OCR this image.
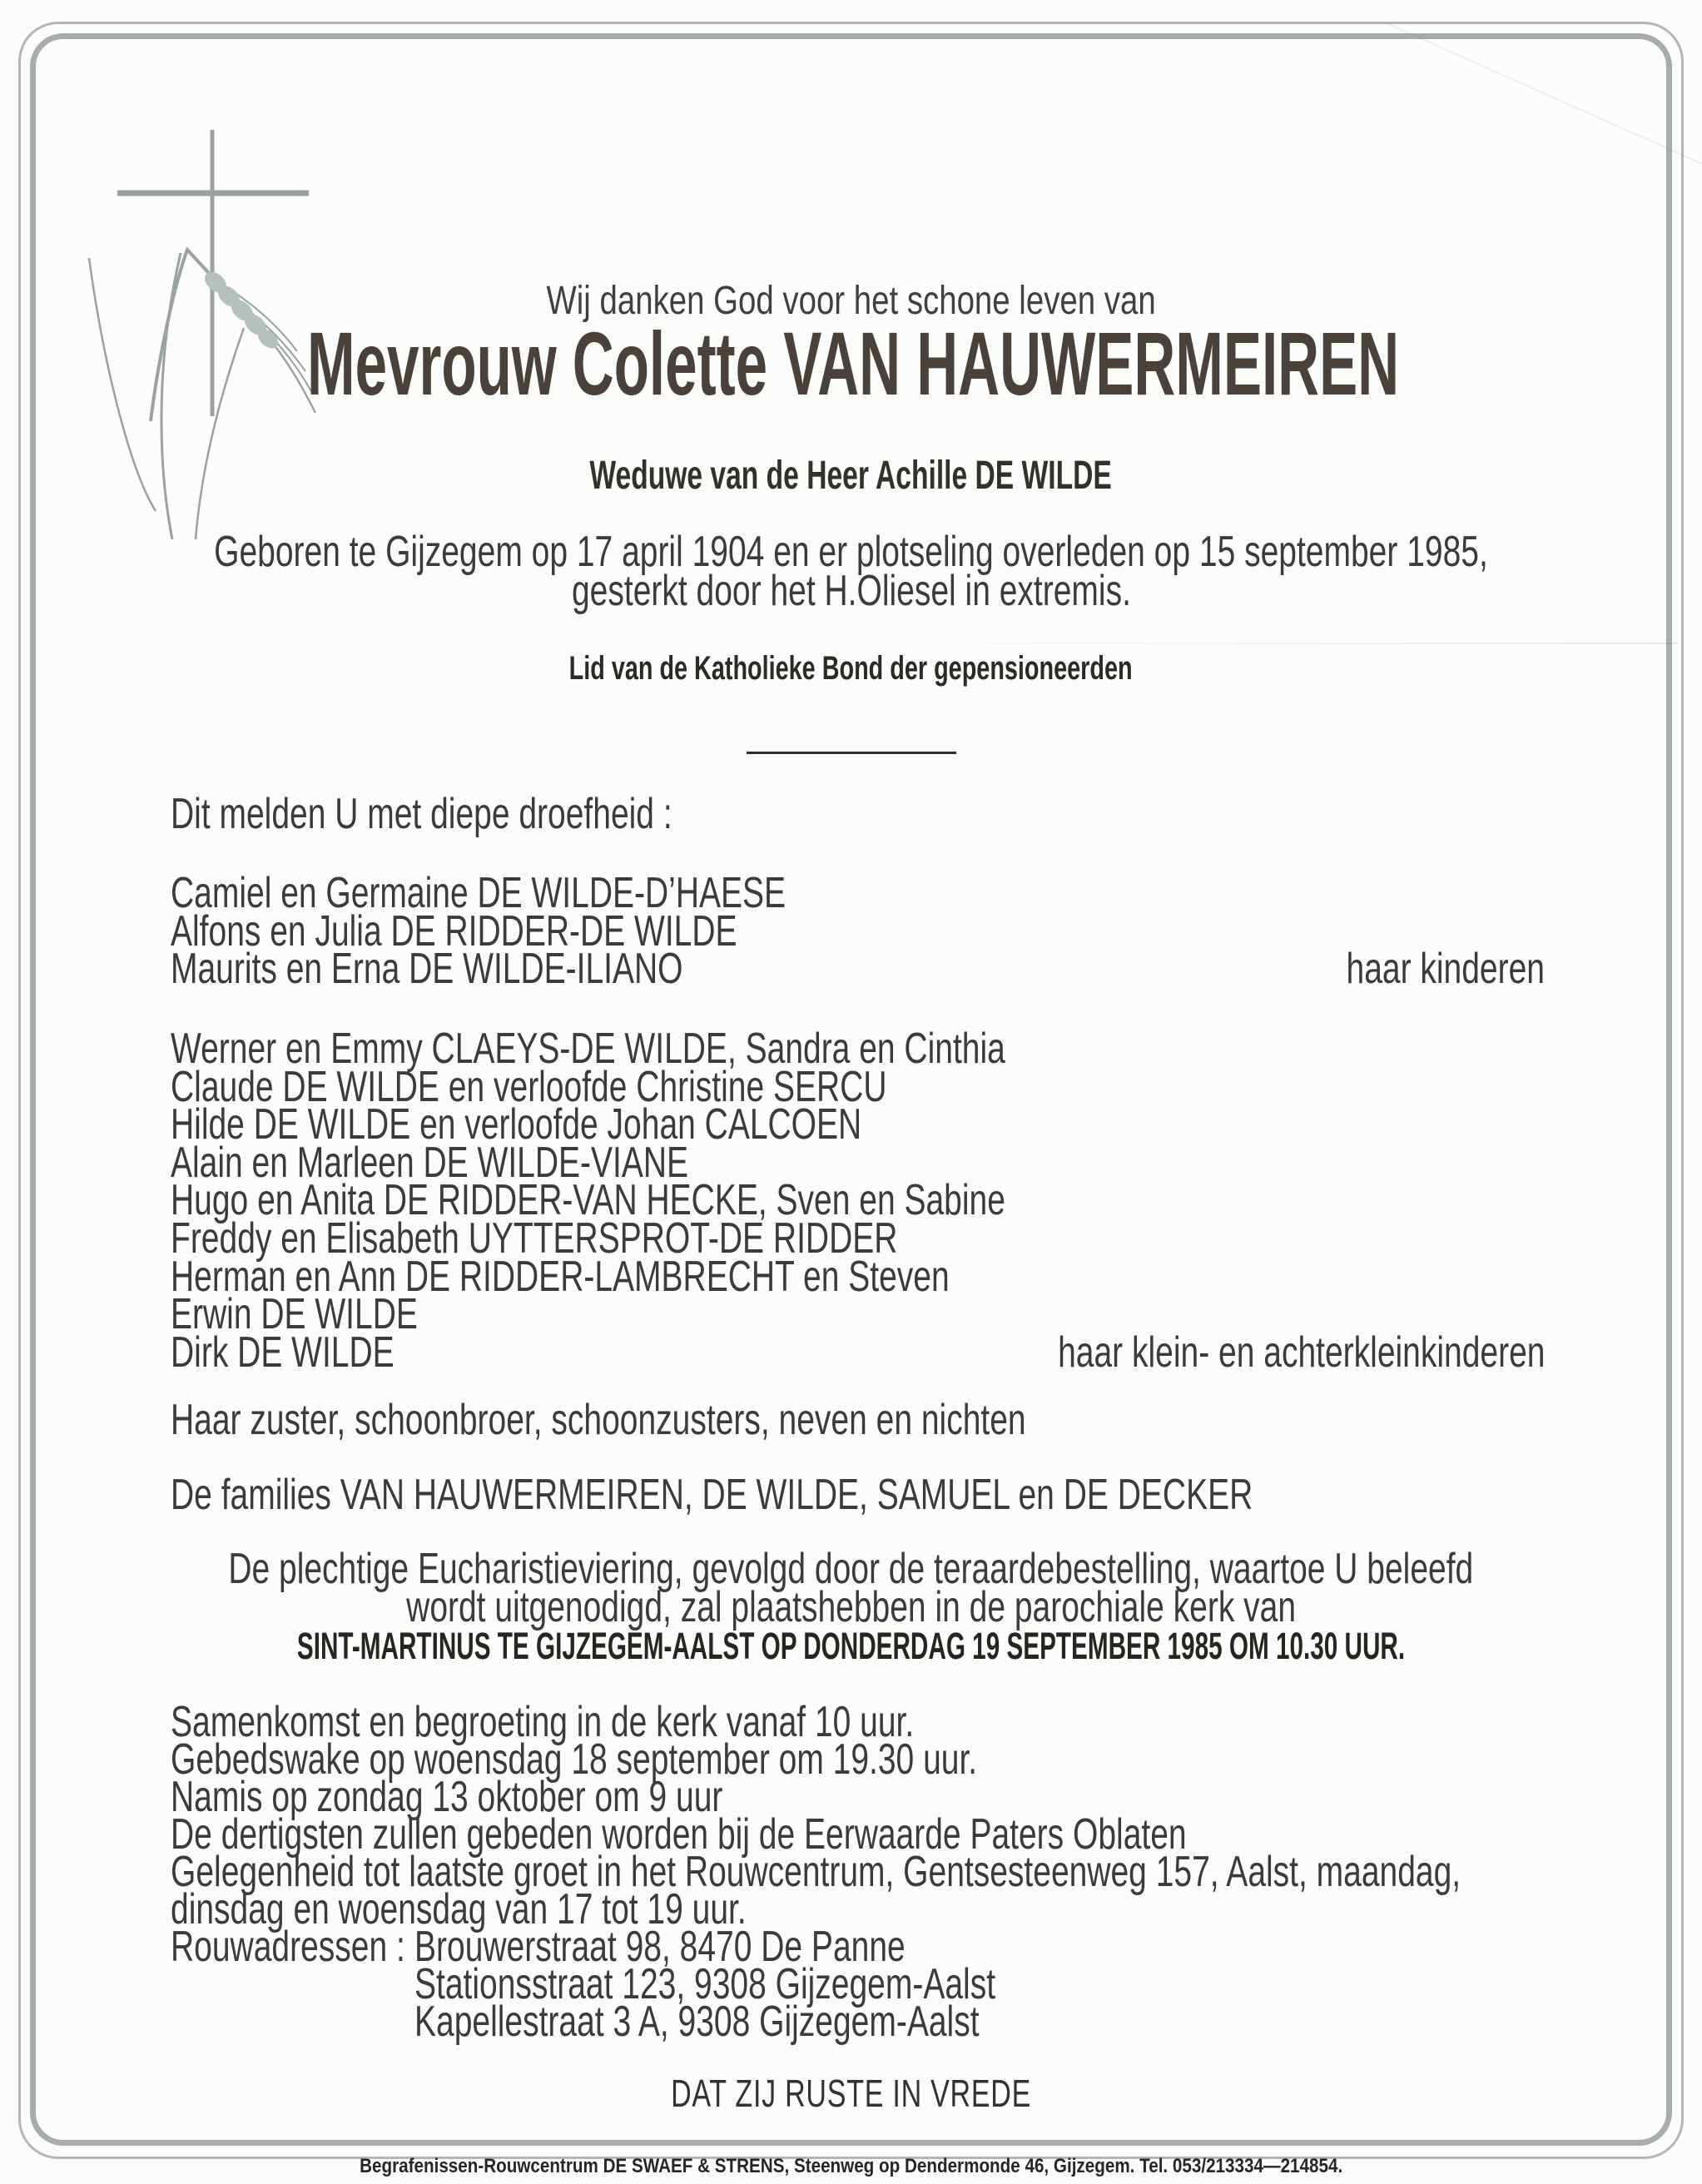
Wij danken God voor het schone leven van
Mevrouw Colette VAN HAUWERMEIREN
Weduwe van de Heer Achille DE WILDE
Geboren te Gijzegem op 17 april 1904 en er plotseling overleden op 15 september 1985,
gesterkt door het H.Oliesel in extremis.
Lid van de Katholieke Bond der gepensioneerden
Dit melden U met diepe droefheid :
Camiel en Germaine DE WILDE-D’HAESE
Alfons en Julia DE RIDDER-DE WILDE
Maurits en Erna DE WILDE-ILIANO	haar kinderen
Werner en Emmy CLAEYS-DE WILDE, Sandra en Cinthia
Claude DE WILDE en verloofde Christine SERCU
Hilde DE WILDE en verloofde Johan CALCOEN
Alain en Marleen DE WILDE-VIANE
Hugo en Anita DE RIDDER-VAN HECKE, Sven en Sabine
Freddy en Elisabeth UYTTERSPROT-DE RIDDER
Herman en Ann DE RIDDER-LAMBRECHT en Steven
Erwin DE WILDE
Dirk DE WILDE	haar klein- en achterkleinkinderen
Haar zuster, schoonbroer, schoonzusters, neven en nichten
De families VAN HAUWERMEIREN, DE WILDE, SAMUEL en DE DECKER
De plechtige Eucharistieviering, gevolgd door de teraardebestelling, waartoe U beleefd
wordt uitgenodigd, zal plaatshebben in de parochiale kerk van
SINT-MARTINUS TE GIJZEGEM-AALST OP DONDERDAG 19 SEPTEMBER 1985 OM 10.30 UUR.
Samenkomst en begroeting in de kerk vanaf 10 uur.
Gebedswake op woensdag 18 september om 19.30 uur.
Namis op zondag 13 oktober om 9 uur
De dertigsten zullen gebeden worden bij de Eerwaarde Paters Oblaten
Gelegenheid tot laatste groet in het Rouwcentrum, Gentsesteenweg 157, Aalst, maandag,
dinsdag en woensdag van 17 tot 19 uur.
Rouwadressen : Brouwerstraat 98, 8470 De Panne
Stationsstraat 123, 9308 Gijzegem-Aalst
Kapellestraat 3 A, 9308 Gijzegem-Aalst
DAT ZIJ RUSTE IN VREDE
Begrafenissen-Rouwcentrum DE SWAEF & STRENS, Steenweg op Dendermonde 46, Gijzegem. Tel. 053/213334—214854.
